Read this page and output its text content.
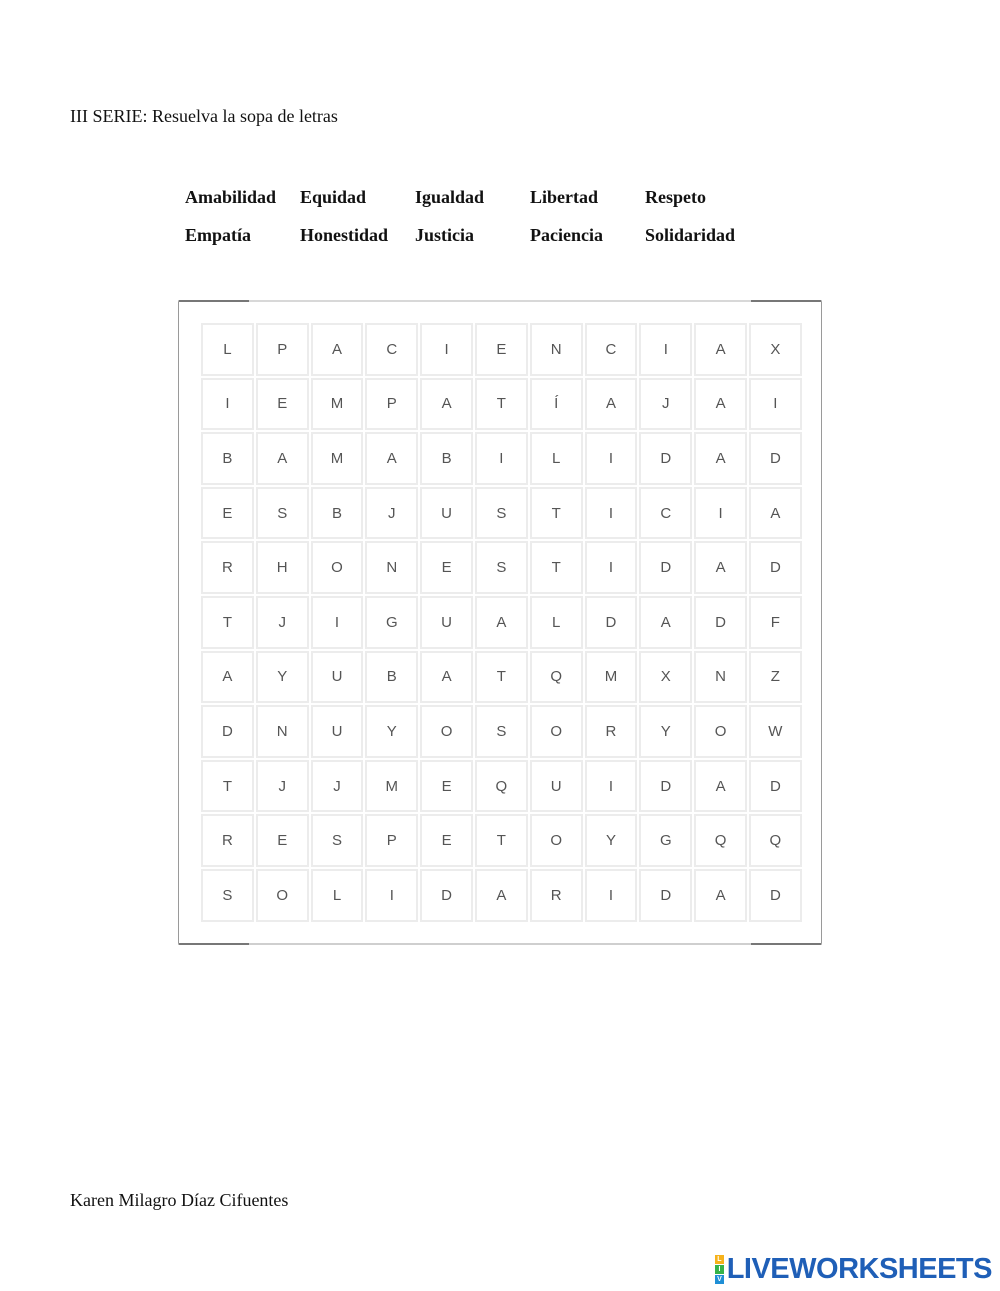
III SERIE: Resuelva la sopa de letras
Amabilidad	Equidad	Igualdad	Libertad	Respeto
Empatía	Honestidad	Justicia	Paciencia	Solidaridad
L	P	A	C	I	E	N	C	I	A	X
I	E	M	P	A	T	Í	A	J	A	I
B	A	M	A	B	I	L	I	D	A	D
E	S	B	J	U	S	T	I	C	I	A
R	H	O	N	E	S	T	I	D	A	D
T	J	I	G	U	A	L	D	A	D	F
A	Y	U	B	A	T	Q	M	X	N	Z
D	N	U	Y	O	S	O	R	Y	O	W
T	J	J	M	E	Q	U	I	D	A	D
R	E	S	P	E	T	O	Y	G	Q	Q
S	O	L	I	D	A	R	I	D	A	D
Karen Milagro Díaz Cifuentes
L
I
V LIVEWORKSHEETS
